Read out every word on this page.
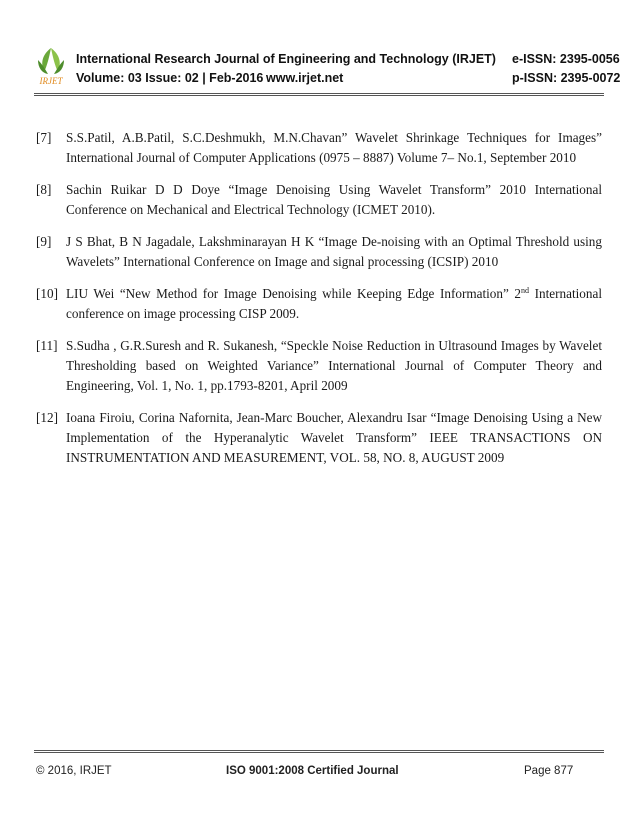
IRJET
International Research Journal of Engineering and Technology (IRJET) e-ISSN: 2395-0056
Volume: 03 Issue: 02 | Feb-2016 www.irjet.net	p-ISSN: 2395-0072
[7] S.S.Patil, A.B.Patil, S.C.Deshmukh, M.N.Chavan” Wavelet Shrinkage Techniques for Images” International Journal of Computer Applications (0975 – 8887) Volume 7– No.1, September 2010
[8] Sachin Ruikar D D Doye “Image Denoising Using Wavelet Transform” 2010 International Conference on Mechanical and Electrical Technology (ICMET 2010).
[9] J S Bhat, B N Jagadale, Lakshminarayan H K “Image De-noising with an Optimal Threshold using Wavelets” International Conference on Image and signal processing (ICSIP) 2010
[10] LIU Wei “New Method for Image Denoising while Keeping Edge Information” 2nd International conference on image processing CISP 2009.
[11] S.Sudha , G.R.Suresh and R. Sukanesh, “Speckle Noise Reduction in Ultrasound Images by Wavelet Thresholding based on Weighted Variance” International Journal of Computer Theory and Engineering, Vol. 1, No. 1, pp.1793-8201, April 2009
[12] Ioana Firoiu, Corina Nafornita, Jean-Marc Boucher, Alexandru Isar “Image Denoising Using a New Implementation of the Hyperanalytic Wavelet Transform” IEEE TRANSACTIONS ON INSTRUMENTATION AND MEASUREMENT, VOL. 58, NO. 8, AUGUST 2009
© 2016, IRJET	ISO 9001:2008 Certified Journal	Page 877
